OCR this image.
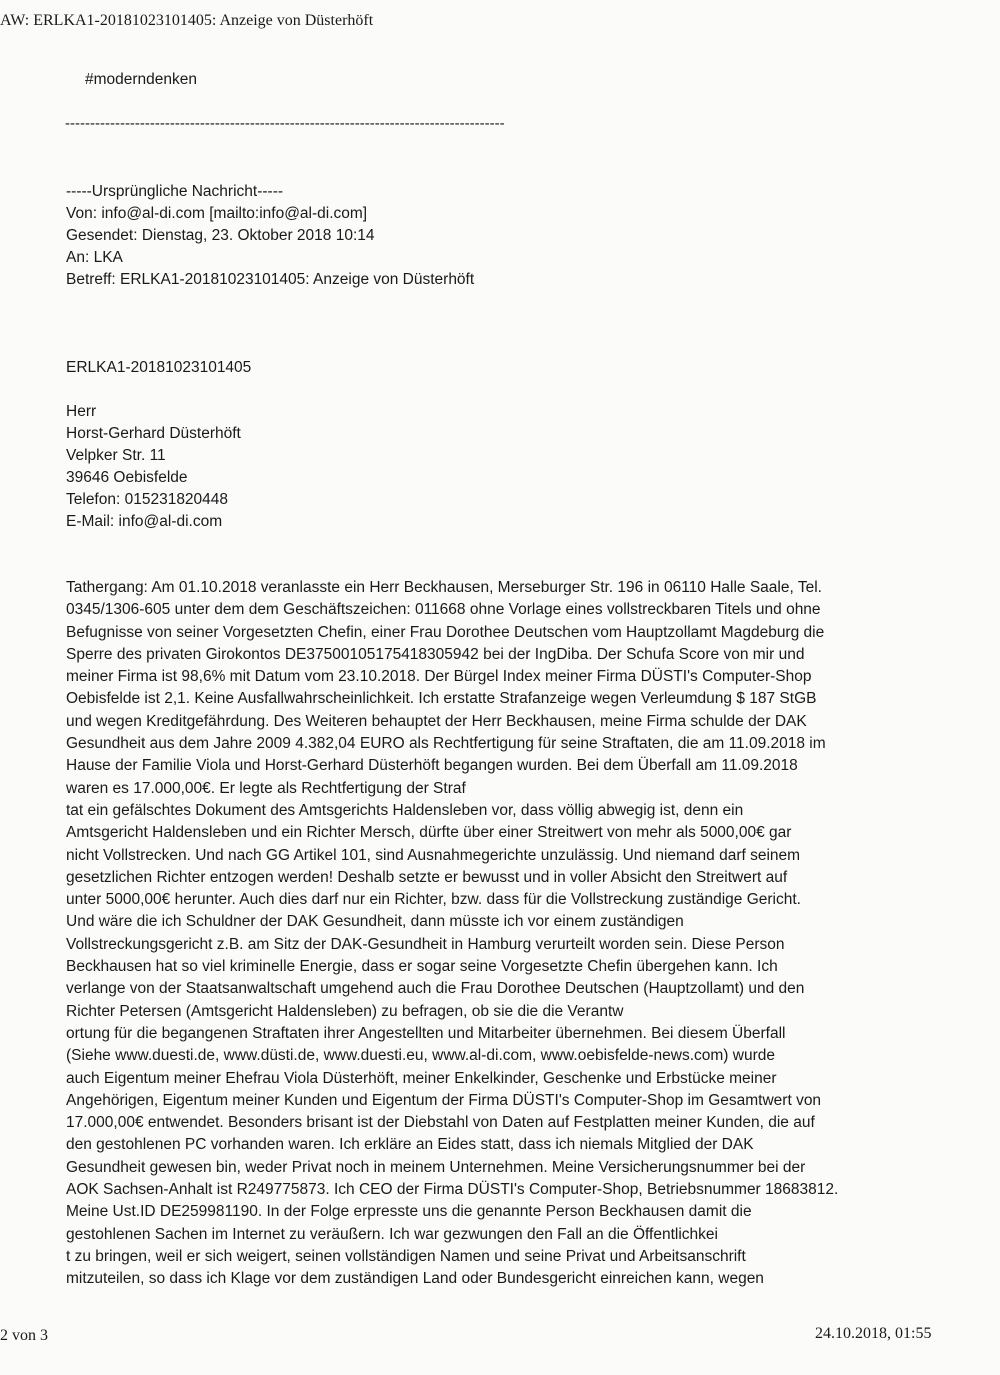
AW: ERLKA1-20181023101405: Anzeige von Düsterhöft
#moderndenken
----------------------------------------------------------------------------------------
-----Ursprüngliche Nachricht-----
Von: info@al-di.com [mailto:info@al-di.com]
Gesendet: Dienstag, 23. Oktober 2018 10:14
An: LKA
Betreff: ERLKA1-20181023101405: Anzeige von Düsterhöft
ERLKA1-20181023101405
Herr
Horst-Gerhard Düsterhöft
Velpker Str. 11
39646 Oebisfelde
Telefon: 015231820448
E-Mail: info@al-di.com
Tathergang: Am 01.10.2018 veranlasste ein Herr Beckhausen, Merseburger Str. 196 in 06110 Halle Saale, Tel.
0345/1306-605 unter dem dem Geschäftszeichen: 011668 ohne Vorlage eines vollstreckbaren Titels und ohne
Befugnisse von seiner Vorgesetzten Chefin, einer Frau Dorothee Deutschen vom Hauptzollamt Magdeburg die
Sperre des privaten Girokontos DE37500105175418305942 bei der IngDiba. Der Schufa Score von mir und
meiner Firma ist 98,6% mit Datum vom 23.10.2018. Der Bürgel Index meiner Firma DÜSTI's Computer-Shop
Oebisfelde ist 2,1. Keine Ausfallwahrscheinlichkeit. Ich erstatte Strafanzeige wegen Verleumdung $ 187 StGB
und wegen Kreditgefährdung. Des Weiteren behauptet der Herr Beckhausen, meine Firma schulde der DAK
Gesundheit aus dem Jahre 2009 4.382,04 EURO als Rechtfertigung für seine Straftaten, die am 11.09.2018 im
Hause der Familie Viola und Horst-Gerhard Düsterhöft begangen wurden. Bei dem Überfall am 11.09.2018
waren es 17.000,00€. Er legte als Rechtfertigung der Straf
tat ein gefälschtes Dokument des Amtsgerichts Haldensleben vor, dass völlig abwegig ist, denn ein
Amtsgericht Haldensleben und ein Richter Mersch, dürfte über einer Streitwert von mehr als 5000,00€ gar
nicht Vollstrecken. Und nach GG Artikel 101, sind Ausnahmegerichte unzulässig. Und niemand darf seinem
gesetzlichen Richter entzogen werden! Deshalb setzte er bewusst und in voller Absicht den Streitwert auf
unter 5000,00€ herunter. Auch dies darf nur ein Richter, bzw. dass für die Vollstreckung zuständige Gericht.
Und wäre die ich Schuldner der DAK Gesundheit, dann müsste ich vor einem zuständigen
Vollstreckungsgericht z.B. am Sitz der DAK-Gesundheit in Hamburg verurteilt worden sein. Diese Person
Beckhausen hat so viel kriminelle Energie, dass er sogar seine Vorgesetzte Chefin übergehen kann. Ich
verlange von der Staatsanwaltschaft umgehend auch die Frau Dorothee Deutschen (Hauptzollamt) und den
Richter Petersen (Amtsgericht Haldensleben) zu befragen, ob sie die die Verantw
ortung für die begangenen Straftaten ihrer Angestellten und Mitarbeiter übernehmen. Bei diesem Überfall
(Siehe www.duesti.de, www.düsti.de, www.duesti.eu, www.al-di.com, www.oebisfelde-news.com) wurde
auch Eigentum meiner Ehefrau Viola Düsterhöft, meiner Enkelkinder, Geschenke und Erbstücke meiner
Angehörigen, Eigentum meiner Kunden und Eigentum der Firma DÜSTI's Computer-Shop im Gesamtwert von
17.000,00€ entwendet. Besonders brisant ist der Diebstahl von Daten auf Festplatten meiner Kunden, die auf
den gestohlenen PC vorhanden waren. Ich erkläre an Eides statt, dass ich niemals Mitglied der DAK
Gesundheit gewesen bin, weder Privat noch in meinem Unternehmen. Meine Versicherungsnummer bei der
AOK Sachsen-Anhalt ist R249775873. Ich CEO der Firma DÜSTI's Computer-Shop, Betriebsnummer 18683812.
Meine Ust.ID DE259981190. In der Folge erpresste uns die genannte Person Beckhausen damit die
gestohlenen Sachen im Internet zu veräußern. Ich war gezwungen den Fall an die Öffentlichkei
t zu bringen, weil er sich weigert, seinen vollständigen Namen und seine Privat und Arbeitsanschrift
mitzuteilen, so dass ich Klage vor dem zuständigen Land oder Bundesgericht einreichen kann, wegen
2 von 3	24.10.2018, 01:55
